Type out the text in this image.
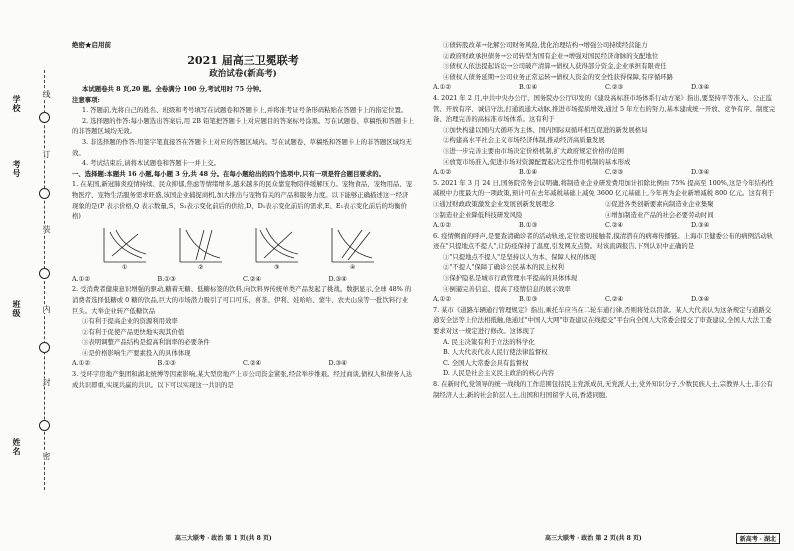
姓名
班级
考号
学校
线
订
装
内
封
密
绝密★启用前
2021 届高三卫冕联考
政治试卷(新高考)

本试题卷共 8 页,20 题。全卷满分 100 分,考试用时 75 分钟。

注意事项:

1. 答题前,先将自己的姓名、班级和考号填写在试题卷和答题卡上,并将准考证号条形码粘贴在答题卡上的指定位置。

2. 选择题的作答:每小题选出答案后,用 2B 铅笔把答题卡上对应题目的答案标号涂黑。写在试题卷、草稿纸和答题卡上的非答题区域均无效。

3. 非选择题的作答:用签字笔直接答在答题卡上对应的答题区域内。写在试题卷、草稿纸和答题卡上的非答题区域均无效。

4. 考试结束后,请将本试题卷和答题卡一并上交。

一、选择题:本题共 16 小题,每小题 3 分,共 48 分。在每小题给出的四个选项中,只有一项是符合题目要求的。

1. 在某国,新冠肺炎疫情持续、民众抑郁,焦虑等情绪增多,越来越多的民众靠宠物陪伴缓解压力。宠物食品、宠物用品、宠物医疗、宠物生活服务需求旺盛,该国企业捕捉商机,加大推出与宠物有关的产品和服务力度。以下能够正确描述这一经济现象的是(P 表示价格,Q 表示数量,S、S₁表示变化前后的供给,D、D₁表示变化前后的需求,E、E₁表示变化前后的均衡价格)

①
	②
	③
	④
A.①②	B.①③	C.②④	D.③④

2. 受消费者健康意识增强的驱动,糖着无糖、低糖标签的饮料,向饮料界传统单类产品发起了挑战。数据显示,全球 48% 的消费者选择低糖或 0 糖的饮品,巨大的市场潜力吸引了可口可乐、喜茶、伊利、娃哈哈、蒙牛、农夫山泉等一批饮料行业巨头。大举企业转产低糖饮品

①有利于提高企业的资源利用效率

②有利于促使产品更快地实现其价值

③表明调整产品结构是提高利润率的必要条件

④是价格影响生产要素投入的具体体现

A.①②	B.①③	C.②④	D.③④

3. 受环宇房地产集团和湖北统博等因素影响,某大型房地产上市公司资金紧张,经营举步维艰。经过商谈,债权人和债务人达成共识即重,实现共赢的共识。以下可以实现这一共识的是

①债转股改革→化解公司财务风险,优化治理结构→增强公司持续经营能力

②政府财政承担债务→公司转型为国有企业→增强对国民经济命脉的支配地位

③债权人依法提起诉讼→公司破产清算→债权人获得部分资金,企业承担有限责任

④债权人债务延期→公司业务正常运转→债权人资金的安全性获得保障,有序循环路

A.①②	B.①④	C.②③	D.③④

4. 2021 年 2 月,中共中央办公厅、国务院办公厅印发的《建设高标准市场体系行动方案》指出,要坚持平等准入、公正监管、开放有序、诚信守法,打通流通大动脉,推进市场提质增效,通过 5 年左右的努力,基本建成统一开放、竞争有序、制度完备、治理完善的高标准市场体系。这有利于

①加快构建以国内大循环为主体、国内国际双循环相互促进的新发展格局

②构建高水平社会主义市场经济体制,推动经济高质量发展

③进一步完善主要由市场决定价格机制,扩大政府规定价格的范围

④放宽市场准入,促进市场对资源配置起决定性作用机制的基本形成

A.①②	B.①④	C.②③	D.③④

5. 2021 年 3 月 24 日,国务院常务会议明确,将制造业企业研发费用加计扣除比例由 75% 提高至 100%,这是今年结构性减税中力度最大的一项政策,预计可在去年减税基础上减免 3600 亿元基础上,今年再为企业新增减税 800 亿元。这有利于

①通过财政政策激发企业发展创新发展理念	②促进各类创新要素向制造业企业集聚
③制造业企业降低科技研发风险	④增加制造业产品的社会必要劳动时间
A.①②	B.①③	C.②④	D.③④

6. 疫情侧面的呼声,是要查清确诊者的活动轨迹,定位密切接触者,摸清潜在的病毒传播链。上海市卫健委公布的病例活动轨迹在"只提地点不提人",让防疫保持了温度,引发网友点赞。对该流调报告,下列认识中正确的是

①"只提地点不提人"是坚持以人为本、保障人权的体现

②"不提人"保障了确诊公民基本的民主权利

③保护隐私是城市行政管理水平提高的具体体现

④倒逼完善信息、提高了疫情信息的展示效率

A.①②	B.①③	C.②④	D.③④

7. 某市《道路车辆通行管理规定》指出,乘托车应当在二轮车通行律,否则将处以罚款。某人大代表认为这条规定与道路交通安全法等上位法相抵触,他通过"中国人大网"审查建议在线提交"平台向全国人大常委会提交了审查建议,全国人大法工委要求对这一规定进行修改。这体现了

A. 民主决策有利于立法的科学化

B. 人大代表代表人民行使法律监督权

C. 全国人大常委会具有监督权

D. 人民是社会主义民主政治的核心内容

8. 在新时代,党领导的统一战线的工作范围包括民主党派成员,无党派人士,党外知识分子,少数民族人士,宗教界人士,非公有制经济人士,新的社会阶层人士,出国和归国留学人员,香港同胞,

高三大联考 · 政治 第 1 页(共 8 页)	高三大联考 · 政治 第 2 页(共 8 页)	新高考 · 湖北
